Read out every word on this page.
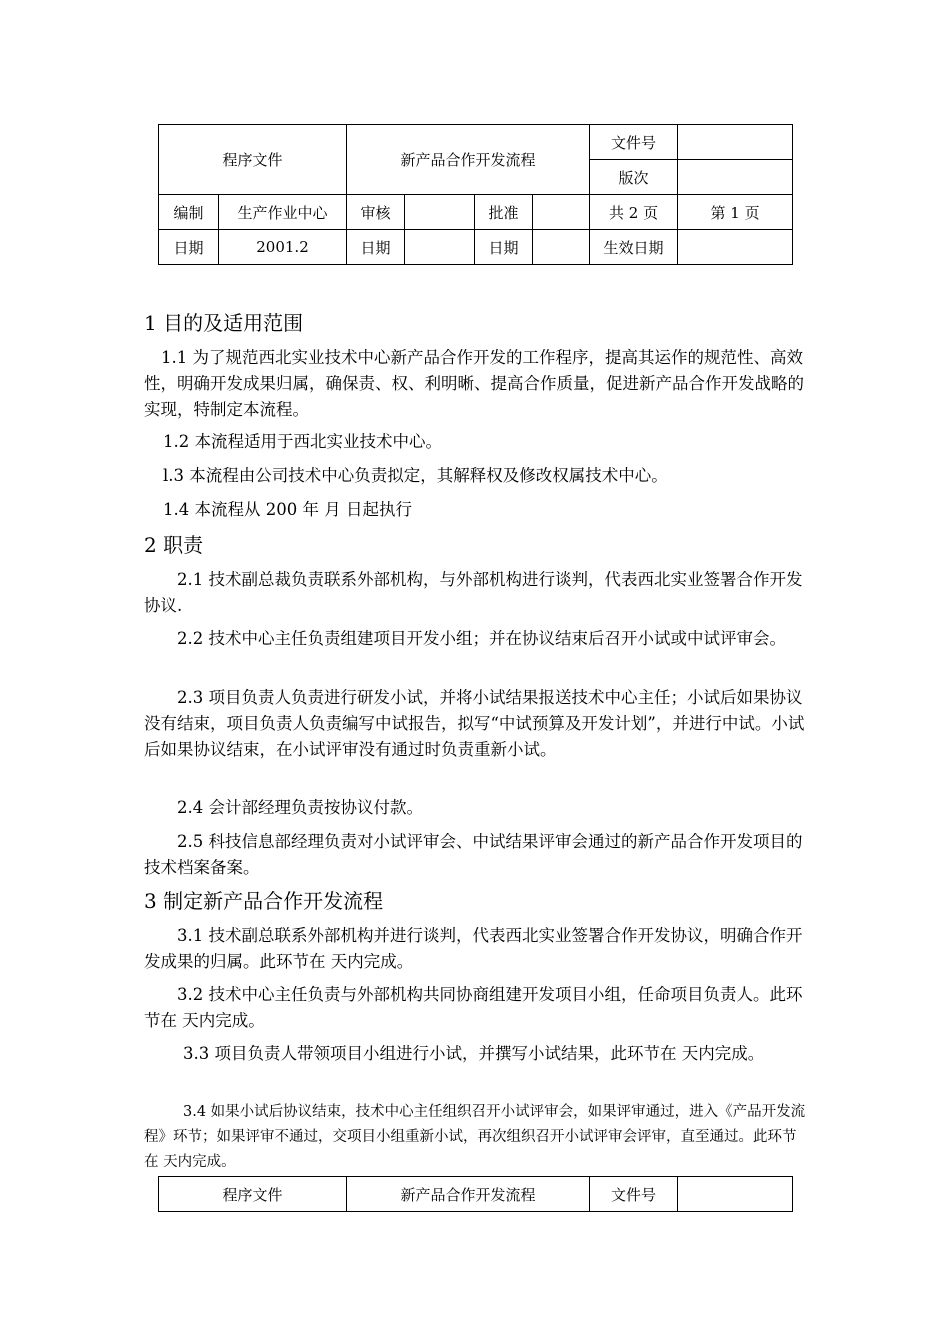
程序文件		新产品合作开发流程				文件号	
						版次	
编制	生产作业中心	审核		批准		共 2 页	第 1 页
日期	2001.2	日期		日期		生效日期	
1 目的及适用范围

1.1 为了规范西北实业技术中心新产品合作开发的工作程序，提高其运作的规范性、高效性，明确开发成果归属，确保责、权、利明晰、提高合作质量，促进新产品合作开发战略的实现，特制定本流程。

1.2 本流程适用于西北实业技术中心。

l.3 本流程由公司技术中心负责拟定，其解释权及修改权属技术中心。

1.4 本流程从 200 年 月 日起执行

2 职责

2.1 技术副总裁负责联系外部机构，与外部机构进行谈判，代表西北实业签署合作开发协议.

2.2 技术中心主任负责组建项目开发小组；并在协议结束后召开小试或中试评审会。

2.3 项目负责人负责进行研发小试，并将小试结果报送技术中心主任；小试后如果协议没有结束，项目负责人负责编写中试报告，拟写“中试预算及开发计划”，并进行中试。小试后如果协议结束，在小试评审没有通过时负责重新小试。

2.4 会计部经理负责按协议付款。

2.5 科技信息部经理负责对小试评审会、中试结果评审会通过的新产品合作开发项目的技术档案备案。

3 制定新产品合作开发流程

3.1 技术副总联系外部机构并进行谈判，代表西北实业签署合作开发协议，明确合作开发成果的归属。此环节在 天内完成。

3.2 技术中心主任负责与外部机构共同协商组建开发项目小组，任命项目负责人。此环节在 天内完成。

3.3 项目负责人带领项目小组进行小试，并撰写小试结果，此环节在 天内完成。

3.4 如果小试后协议结束，技术中心主任组织召开小试评审会，如果评审通过，进入《产品开发流程》环节；如果评审不通过，交项目小组重新小试，再次组织召开小试评审会评审，直至通过。此环节在 天内完成。

程序文件	新产品合作开发流程	文件号	
